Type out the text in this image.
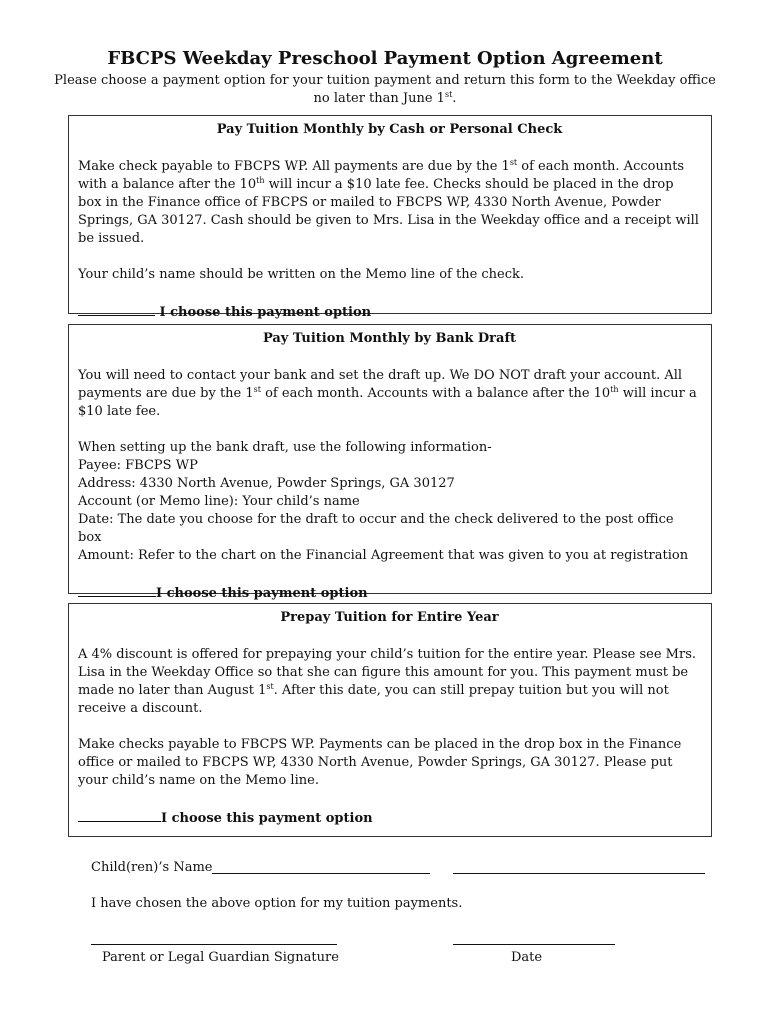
FBCPS Weekday Preschool Payment Option Agreement

Please choose a payment option for your tuition payment and return this form to the Weekday office no later than June 1st.

Pay Tuition Monthly by Cash or Personal Check

Make check payable to FBCPS WP. All payments are due by the 1st of each month. Accounts with a balance after the 10th will incur a $10 late fee. Checks should be placed in the drop box in the Finance office of FBCPS or mailed to FBCPS WP, 4330 North Avenue, Powder Springs, GA 30127. Cash should be given to Mrs. Lisa in the Weekday office and a receipt will be issued.

Your child’s name should be written on the Memo line of the check.

I choose this payment option

Pay Tuition Monthly by Bank Draft

You will need to contact your bank and set the draft up. We DO NOT draft your account. All payments are due by the 1st of each month. Accounts with a balance after the 10th will incur a $10 late fee.

When setting up the bank draft, use the following information-

Payee: FBCPS WP

Address: 4330 North Avenue, Powder Springs, GA 30127

Account (or Memo line): Your child’s name

Date: The date you choose for the draft to occur and the check delivered to the post office box

Amount: Refer to the chart on the Financial Agreement that was given to you at registration

I choose this payment option

Prepay Tuition for Entire Year

A 4% discount is offered for prepaying your child’s tuition for the entire year. Please see Mrs. Lisa in the Weekday Office so that she can figure this amount for you. This payment must be made no later than August 1st. After this date, you can still prepay tuition but you will not receive a discount.

Make checks payable to FBCPS WP. Payments can be placed in the drop box in the Finance office or mailed to FBCPS WP, 4330 North Avenue, Powder Springs, GA 30127. Please put your child’s name on the Memo line.

I choose this payment option

Child(ren)’s Name

I have chosen the above option for my tuition payments.

Parent or Legal Guardian Signature	Date
